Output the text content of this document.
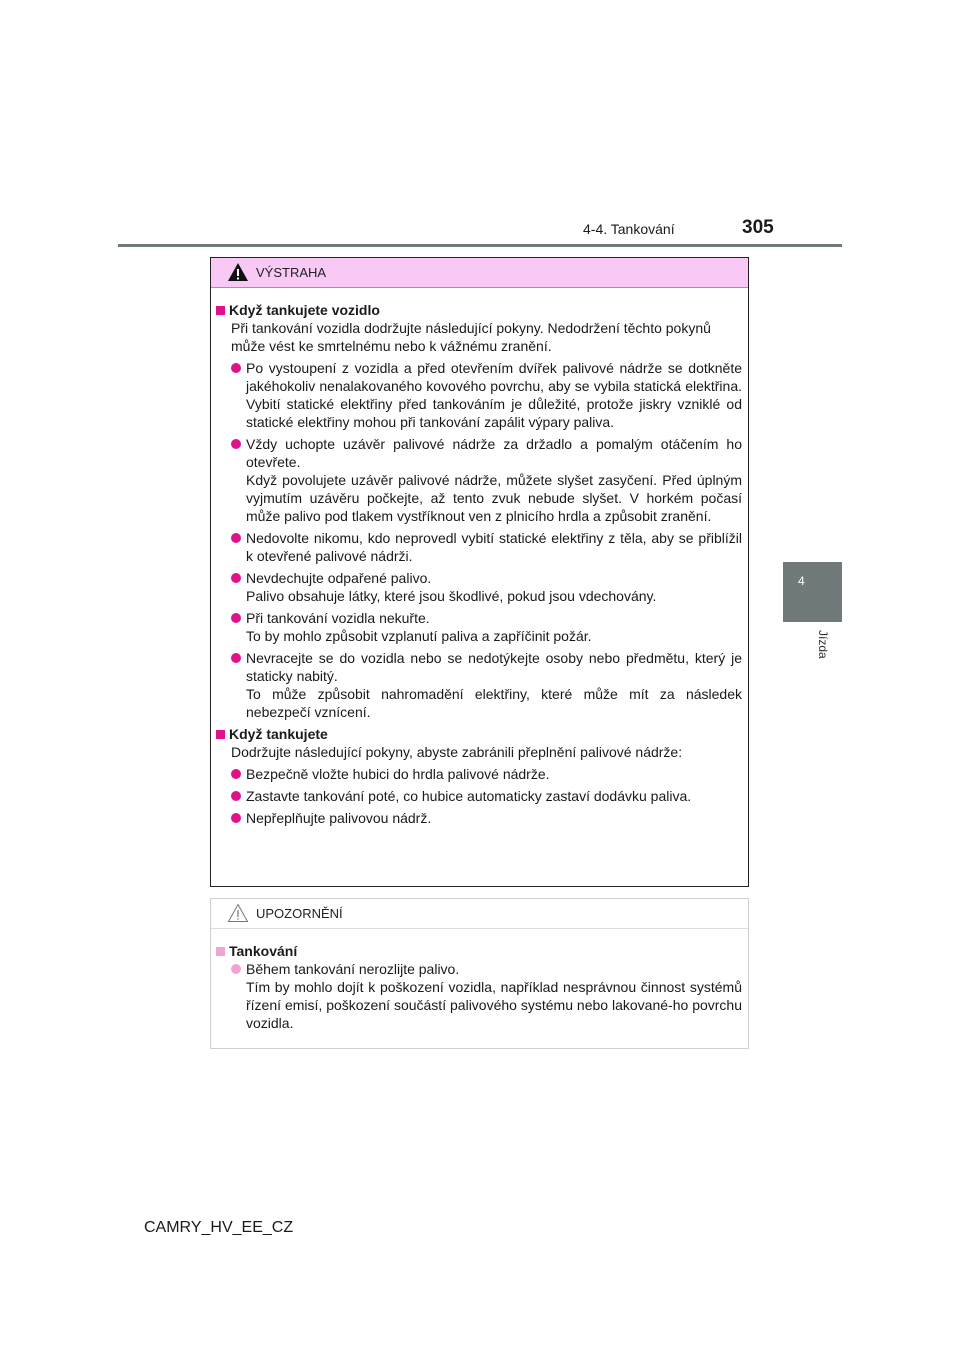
4-4. Tankování	305
4
Jízda
VÝSTRAHA
Když tankujete vozidlo
Při tankování vozidla dodržujte následující pokyny. Nedodržení těchto pokynů může vést ke smrtelnému nebo k vážnému zranění.

Po vystoupení z vozidla a před otevřením dvířek palivové nádrže se dotkněte jakéhokoliv nenalakovaného kovového povrchu, aby se vybila statická elektřina. Vybití statické elektřiny před tankováním je důležité, protože jiskry vzniklé od statické elektřiny mohou při tankování zapálit výpary paliva.

Vždy uchopte uzávěr palivové nádrže za držadlo a pomalým otáčením ho otevřete.

Když povolujete uzávěr palivové nádrže, můžete slyšet zasyčení. Před úplným vyjmutím uzávěru počkejte, až tento zvuk nebude slyšet. V horkém počasí může palivo pod tlakem vystříknout ven z plnicího hrdla a způsobit zranění.

Nedovolte nikomu, kdo neprovedl vybití statické elektřiny z těla, aby se přiblížil k otevřené palivové nádrži.

Nevdechujte odpařené palivo.

Palivo obsahuje látky, které jsou škodlivé, pokud jsou vdechovány.

Při tankování vozidla nekuřte.

To by mohlo způsobit vzplanutí paliva a zapříčinit požár.

Nevracejte se do vozidla nebo se nedotýkejte osoby nebo předmětu, který je staticky nabitý.

To může způsobit nahromadění elektřiny, které může mít za následek nebezpečí vznícení.

Když tankujete
Dodržujte následující pokyny, abyste zabránili přeplnění palivové nádrže:

Bezpečně vložte hubici do hrdla palivové nádrže.

Zastavte tankování poté, co hubice automaticky zastaví dodávku paliva.

Nepřeplňujte palivovou nádrž.

UPOZORNĚNÍ
Tankování

Během tankování nerozlijte palivo.

Tím by mohlo dojít k poškození vozidla, například nesprávnou činnost systémů řízení emisí, poškození součástí palivového systému nebo lakované-ho povrchu vozidla.

CAMRY_HV_EE_CZ
